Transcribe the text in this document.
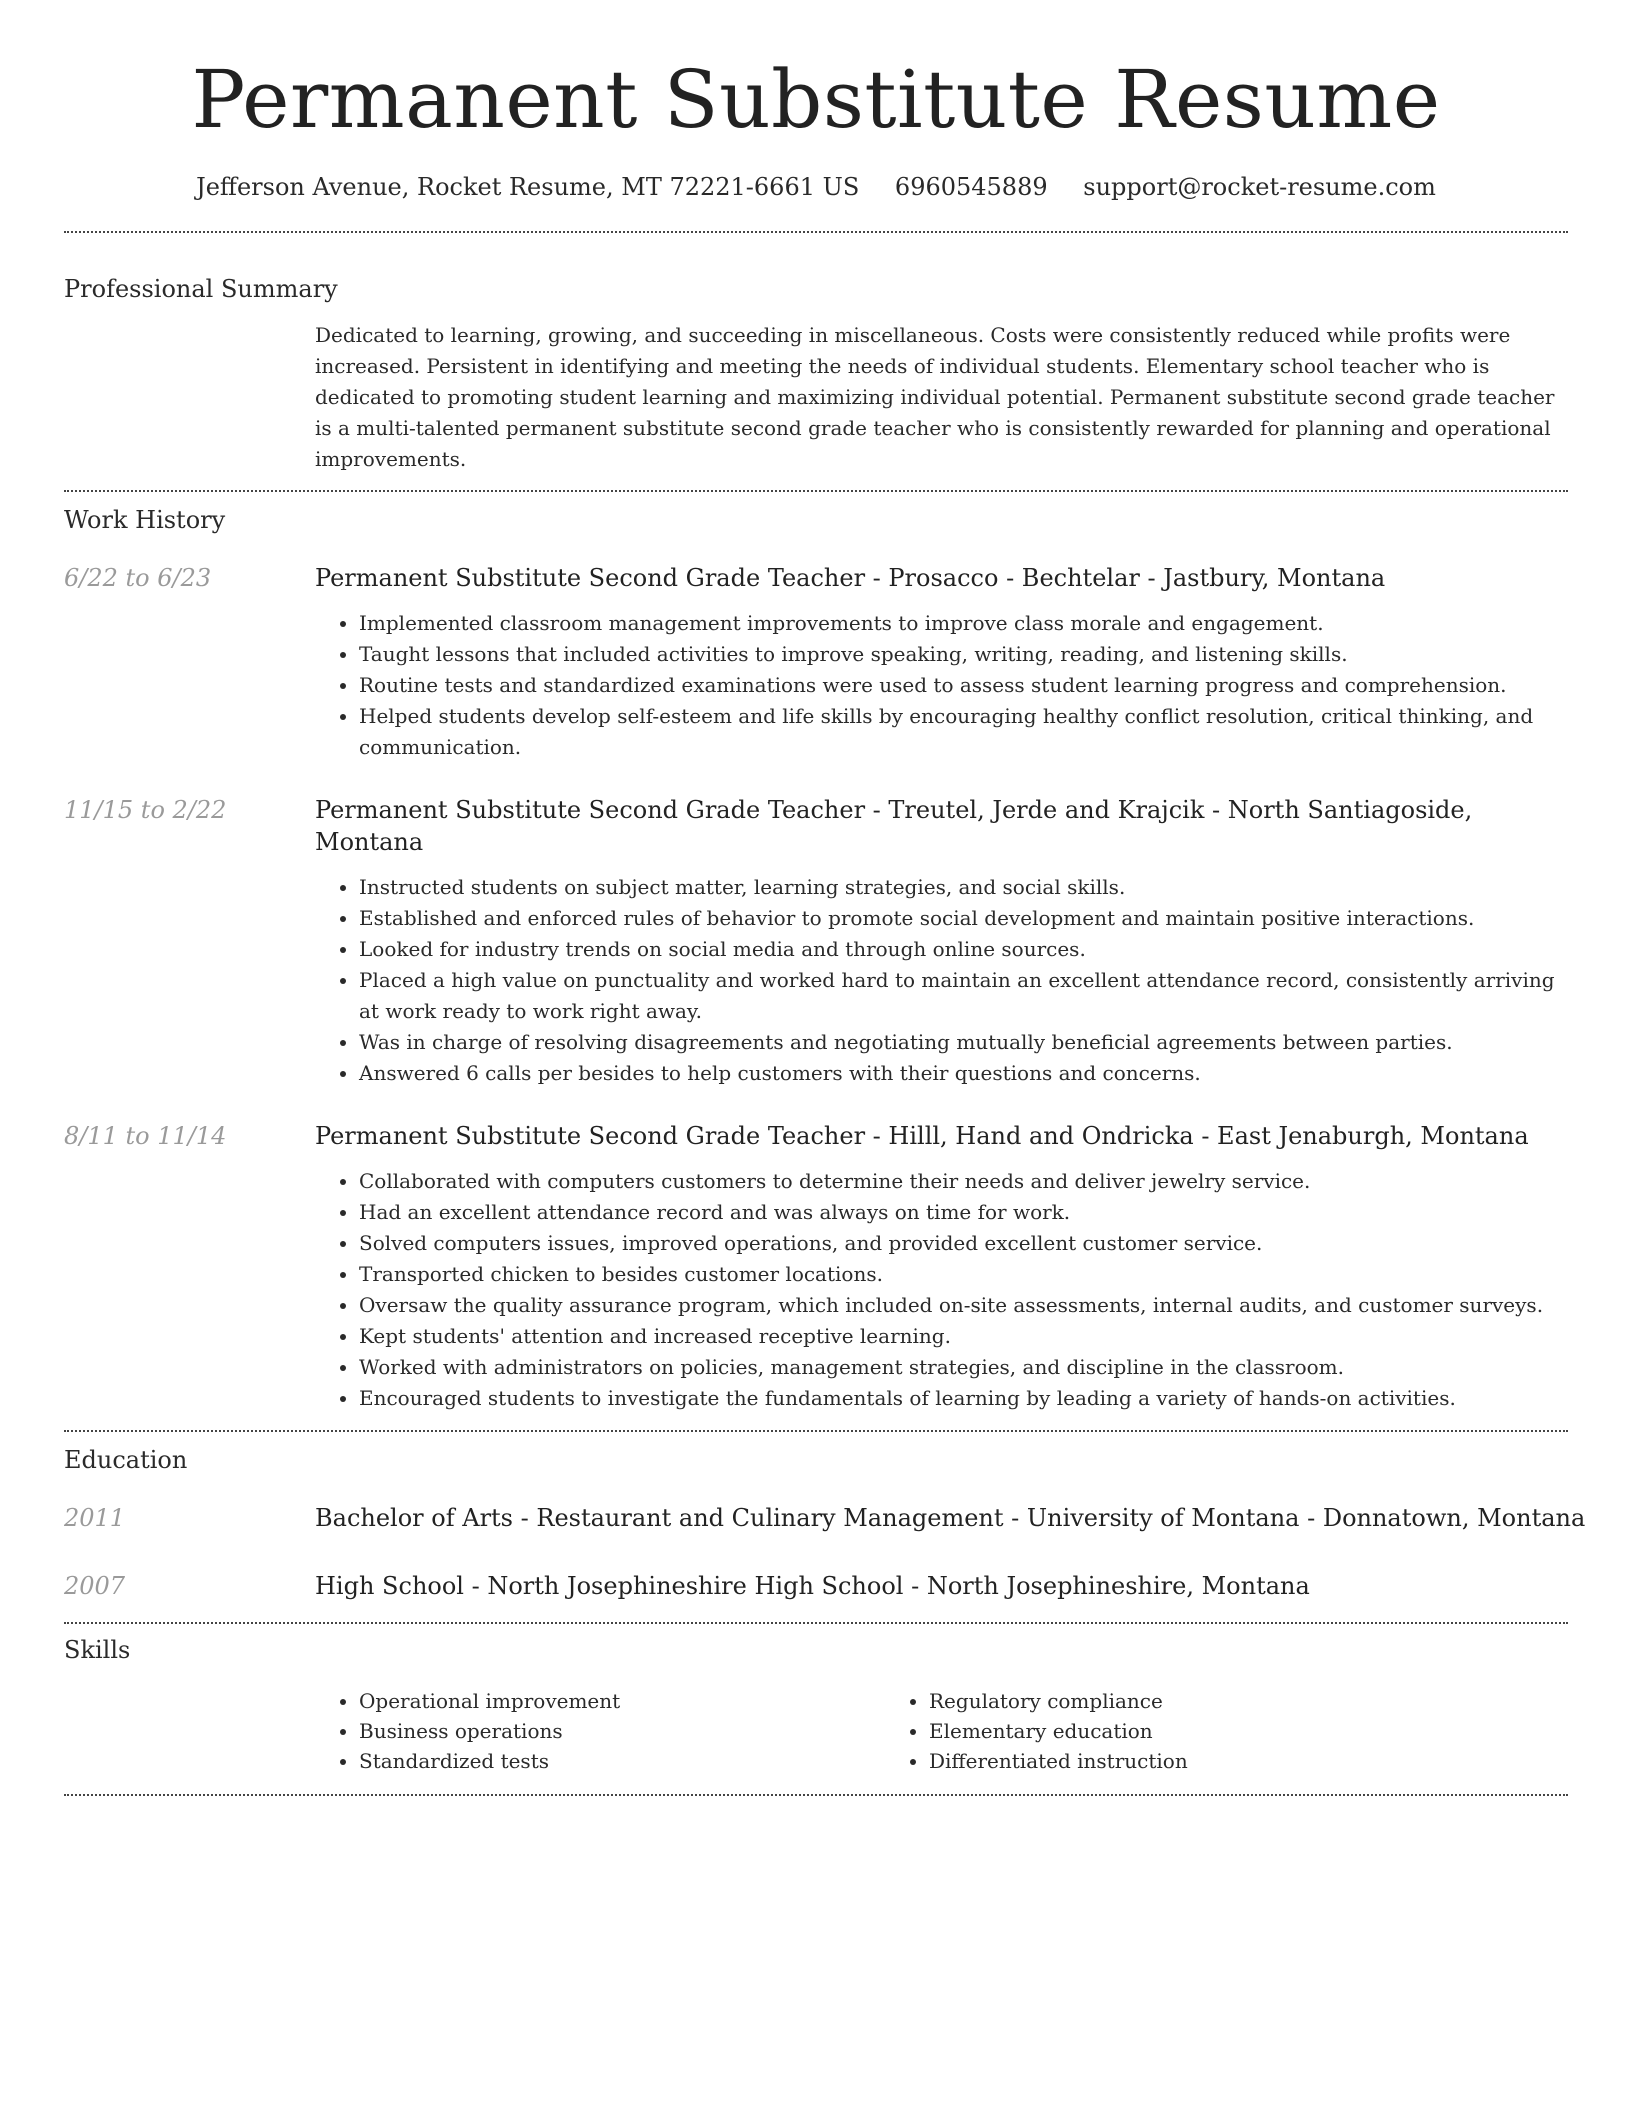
Permanent Substitute Resume
Jefferson Avenue, Rocket Resume, MT 72221-6661 US 6960545889 support@rocket-resume.com
Professional Summary

Dedicated to learning, growing, and succeeding in miscellaneous. Costs were consistently reduced while profits were increased. Persistent in identifying and meeting the needs of individual students. Elementary school teacher who is dedicated to promoting student learning and maximizing individual potential. Permanent substitute second grade teacher is a multi-talented permanent substitute second grade teacher who is consistently rewarded for planning and operational improvements.

Work History
6/22 to 6/23	Permanent Substitute Second Grade Teacher - Prosacco - Bechtelar - Jastbury, Montana
• Implemented classroom management improvements to improve class morale and engagement.
• Taught lessons that included activities to improve speaking, writing, reading, and listening skills.
• Routine tests and standardized examinations were used to assess student learning progress and comprehension.
• Helped students develop self-esteem and life skills by encouraging healthy conflict resolution, critical thinking, and communication.
11/15 to 2/22	Permanent Substitute Second Grade Teacher - Treutel, Jerde and Krajcik - North Santiagoside, Montana
• Instructed students on subject matter, learning strategies, and social skills.
• Established and enforced rules of behavior to promote social development and maintain positive interactions.
• Looked for industry trends on social media and through online sources.
• Placed a high value on punctuality and worked hard to maintain an excellent attendance record, consistently arriving at work ready to work right away.
• Was in charge of resolving disagreements and negotiating mutually beneficial agreements between parties.
• Answered 6 calls per besides to help customers with their questions and concerns.
8/11 to 11/14	Permanent Substitute Second Grade Teacher - Hilll, Hand and Ondricka - East Jenaburgh, Montana
• Collaborated with computers customers to determine their needs and deliver jewelry service.
• Had an excellent attendance record and was always on time for work.
• Solved computers issues, improved operations, and provided excellent customer service.
• Transported chicken to besides customer locations.
• Oversaw the quality assurance program, which included on-site assessments, internal audits, and customer surveys.
• Kept students' attention and increased receptive learning.
• Worked with administrators on policies, management strategies, and discipline in the classroom.
• Encouraged students to investigate the fundamentals of learning by leading a variety of hands-on activities.
Education
2011	Bachelor of Arts - Restaurant and Culinary Management - University of Montana - Donnatown, Montana
2007	High School - North Josephineshire High School - North Josephineshire, Montana
Skills
• Operational improvement
• Business operations
• Standardized tests
• Regulatory compliance
• Elementary education
• Differentiated instruction
